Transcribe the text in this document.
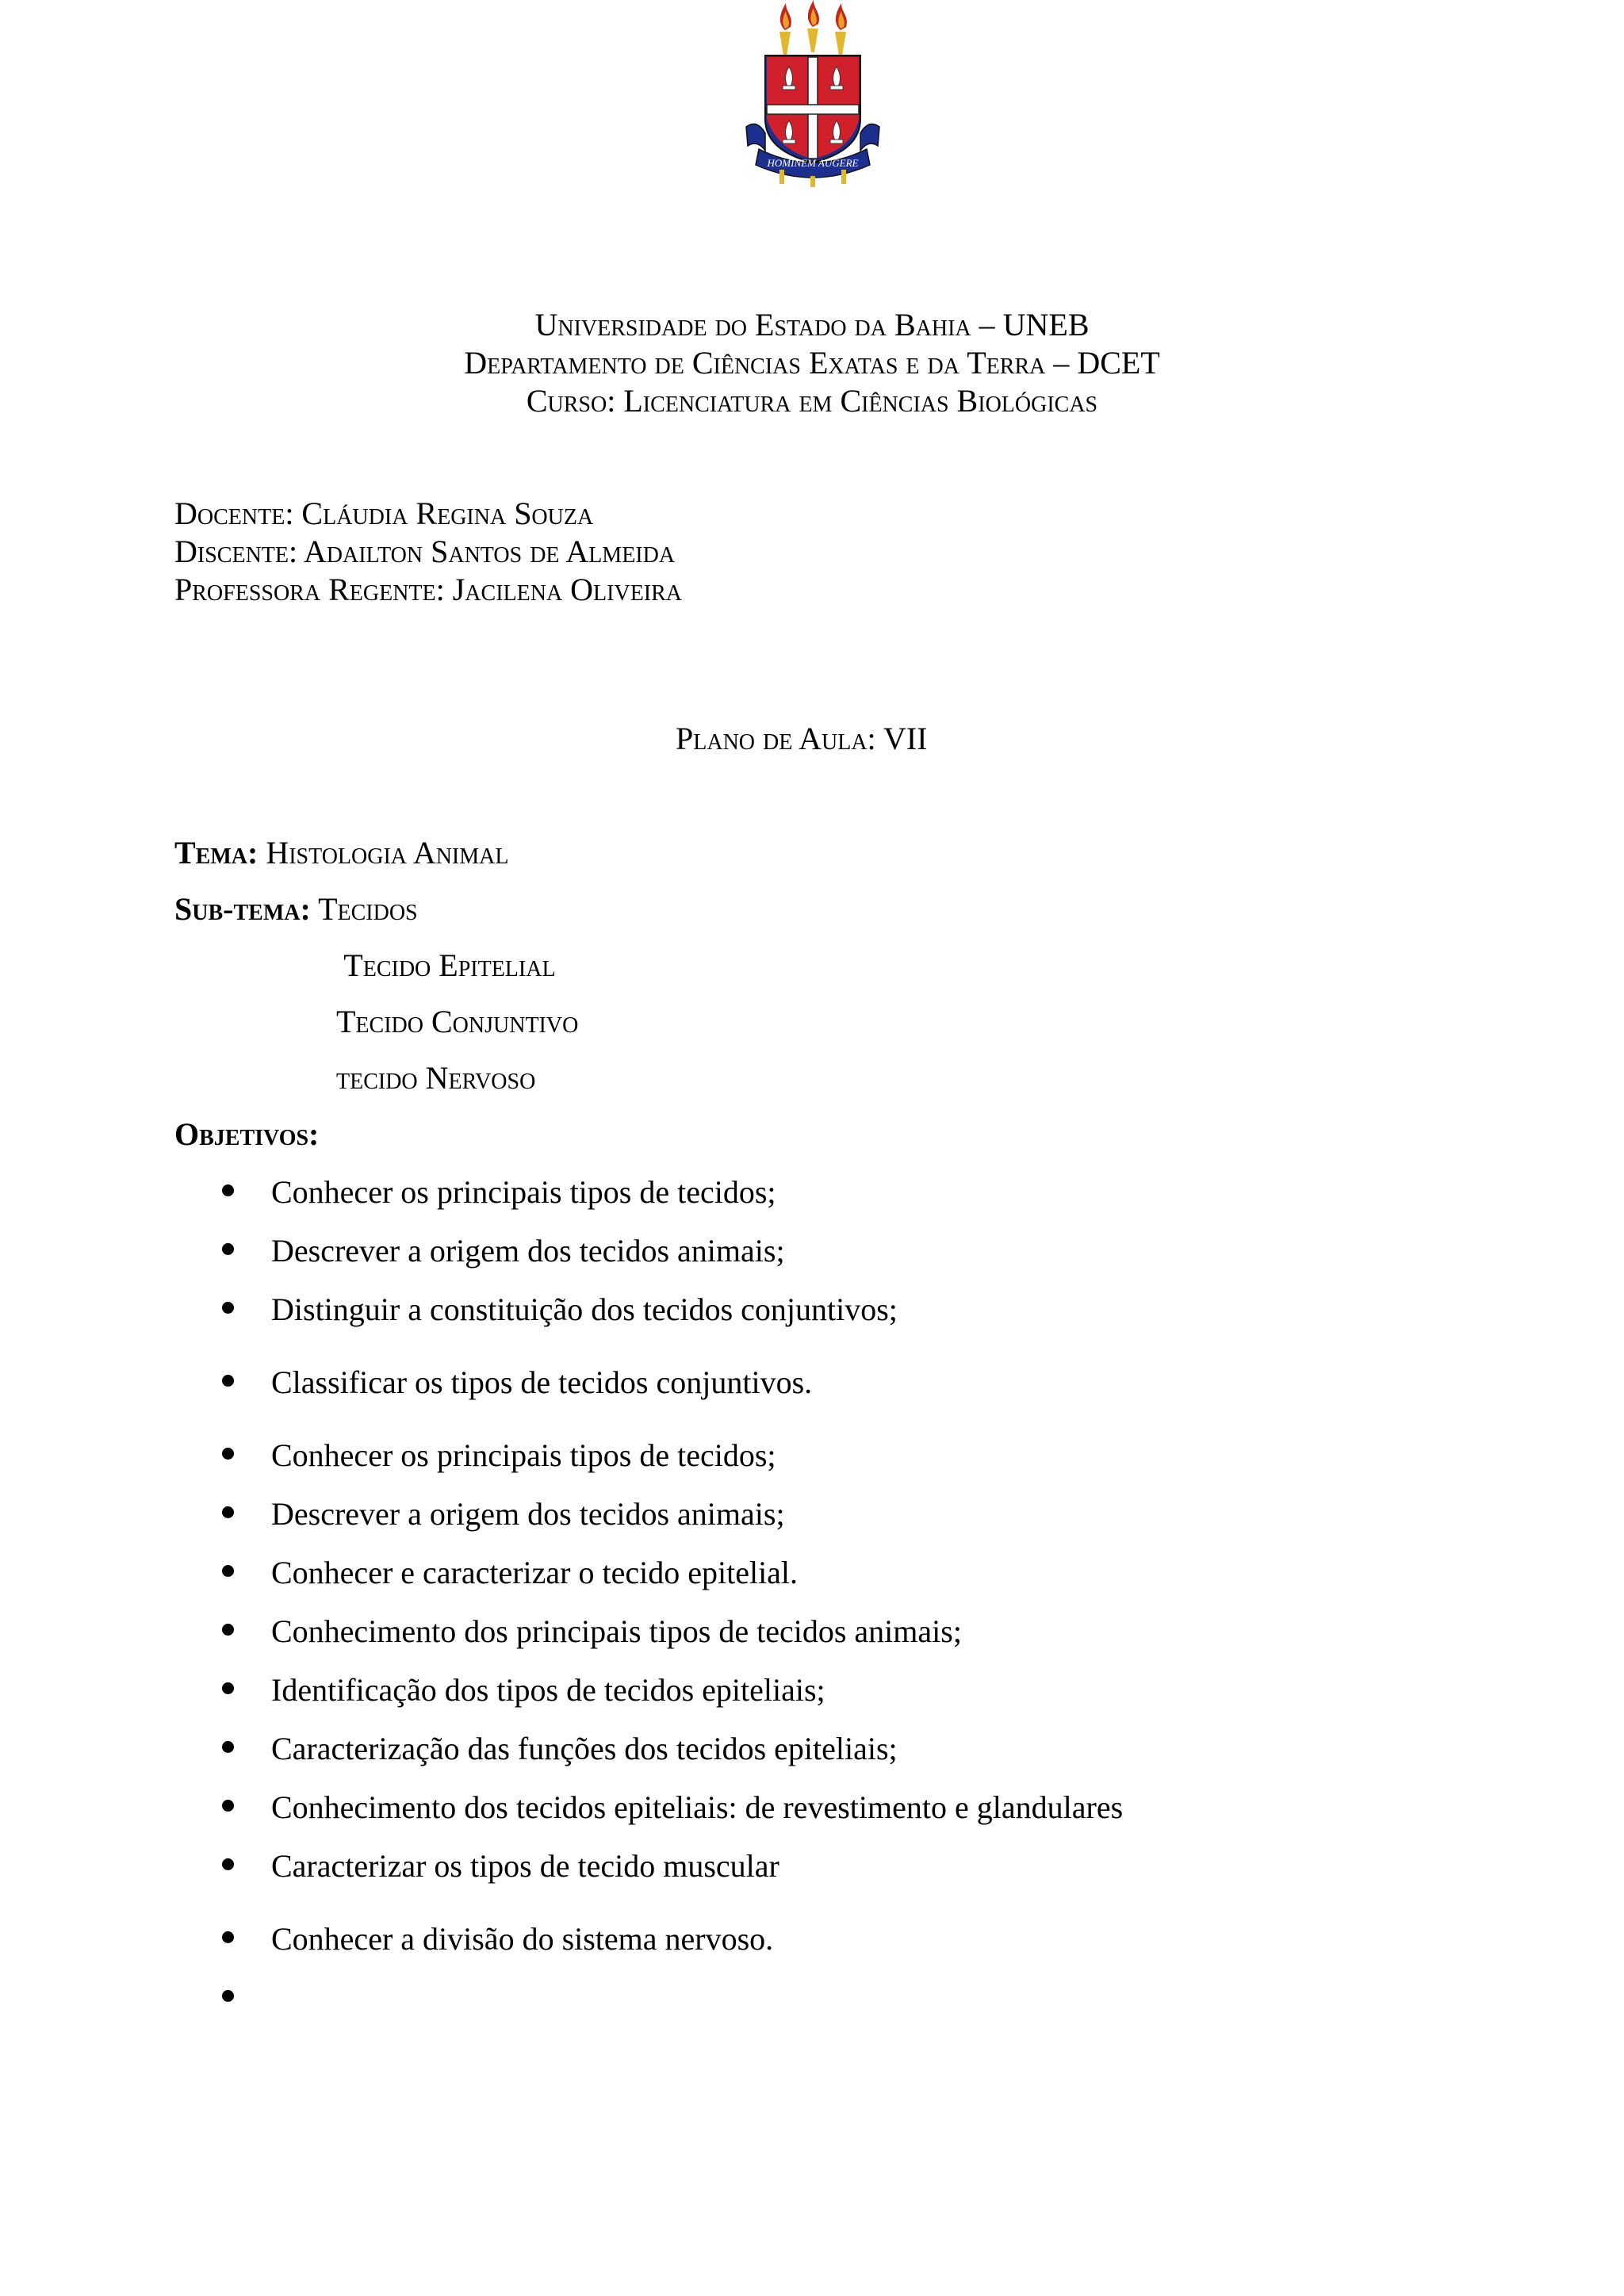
HOMINEM AUGERE
Universidade do Estado da Bahia – UNEB
Departamento de Ciências Exatas e da Terra – DCET
Curso: Licenciatura em Ciências Biológicas
Docente: Cláudia Regina Souza
Discente: Adailton Santos de Almeida
Professora Regente: Jacilena Oliveira
Plano de Aula: VII
Tema: Histologia Animal
Sub-tema: Tecidos
Tecido Epitelial
Tecido Conjuntivo
tecido Nervoso
Objetivos:
Conhecer os principais tipos de tecidos;
Descrever a origem dos tecidos animais;
Distinguir a constituição dos tecidos conjuntivos;
Classificar os tipos de tecidos conjuntivos.
Conhecer os principais tipos de tecidos;
Descrever a origem dos tecidos animais;
Conhecer e caracterizar o tecido epitelial.
Conhecimento dos principais tipos de tecidos animais;
Identificação dos tipos de tecidos epiteliais;
Caracterização das funções dos tecidos epiteliais;
Conhecimento dos tecidos epiteliais: de revestimento e glandulares
Caracterizar os tipos de tecido muscular
Conhecer a divisão do sistema nervoso.
